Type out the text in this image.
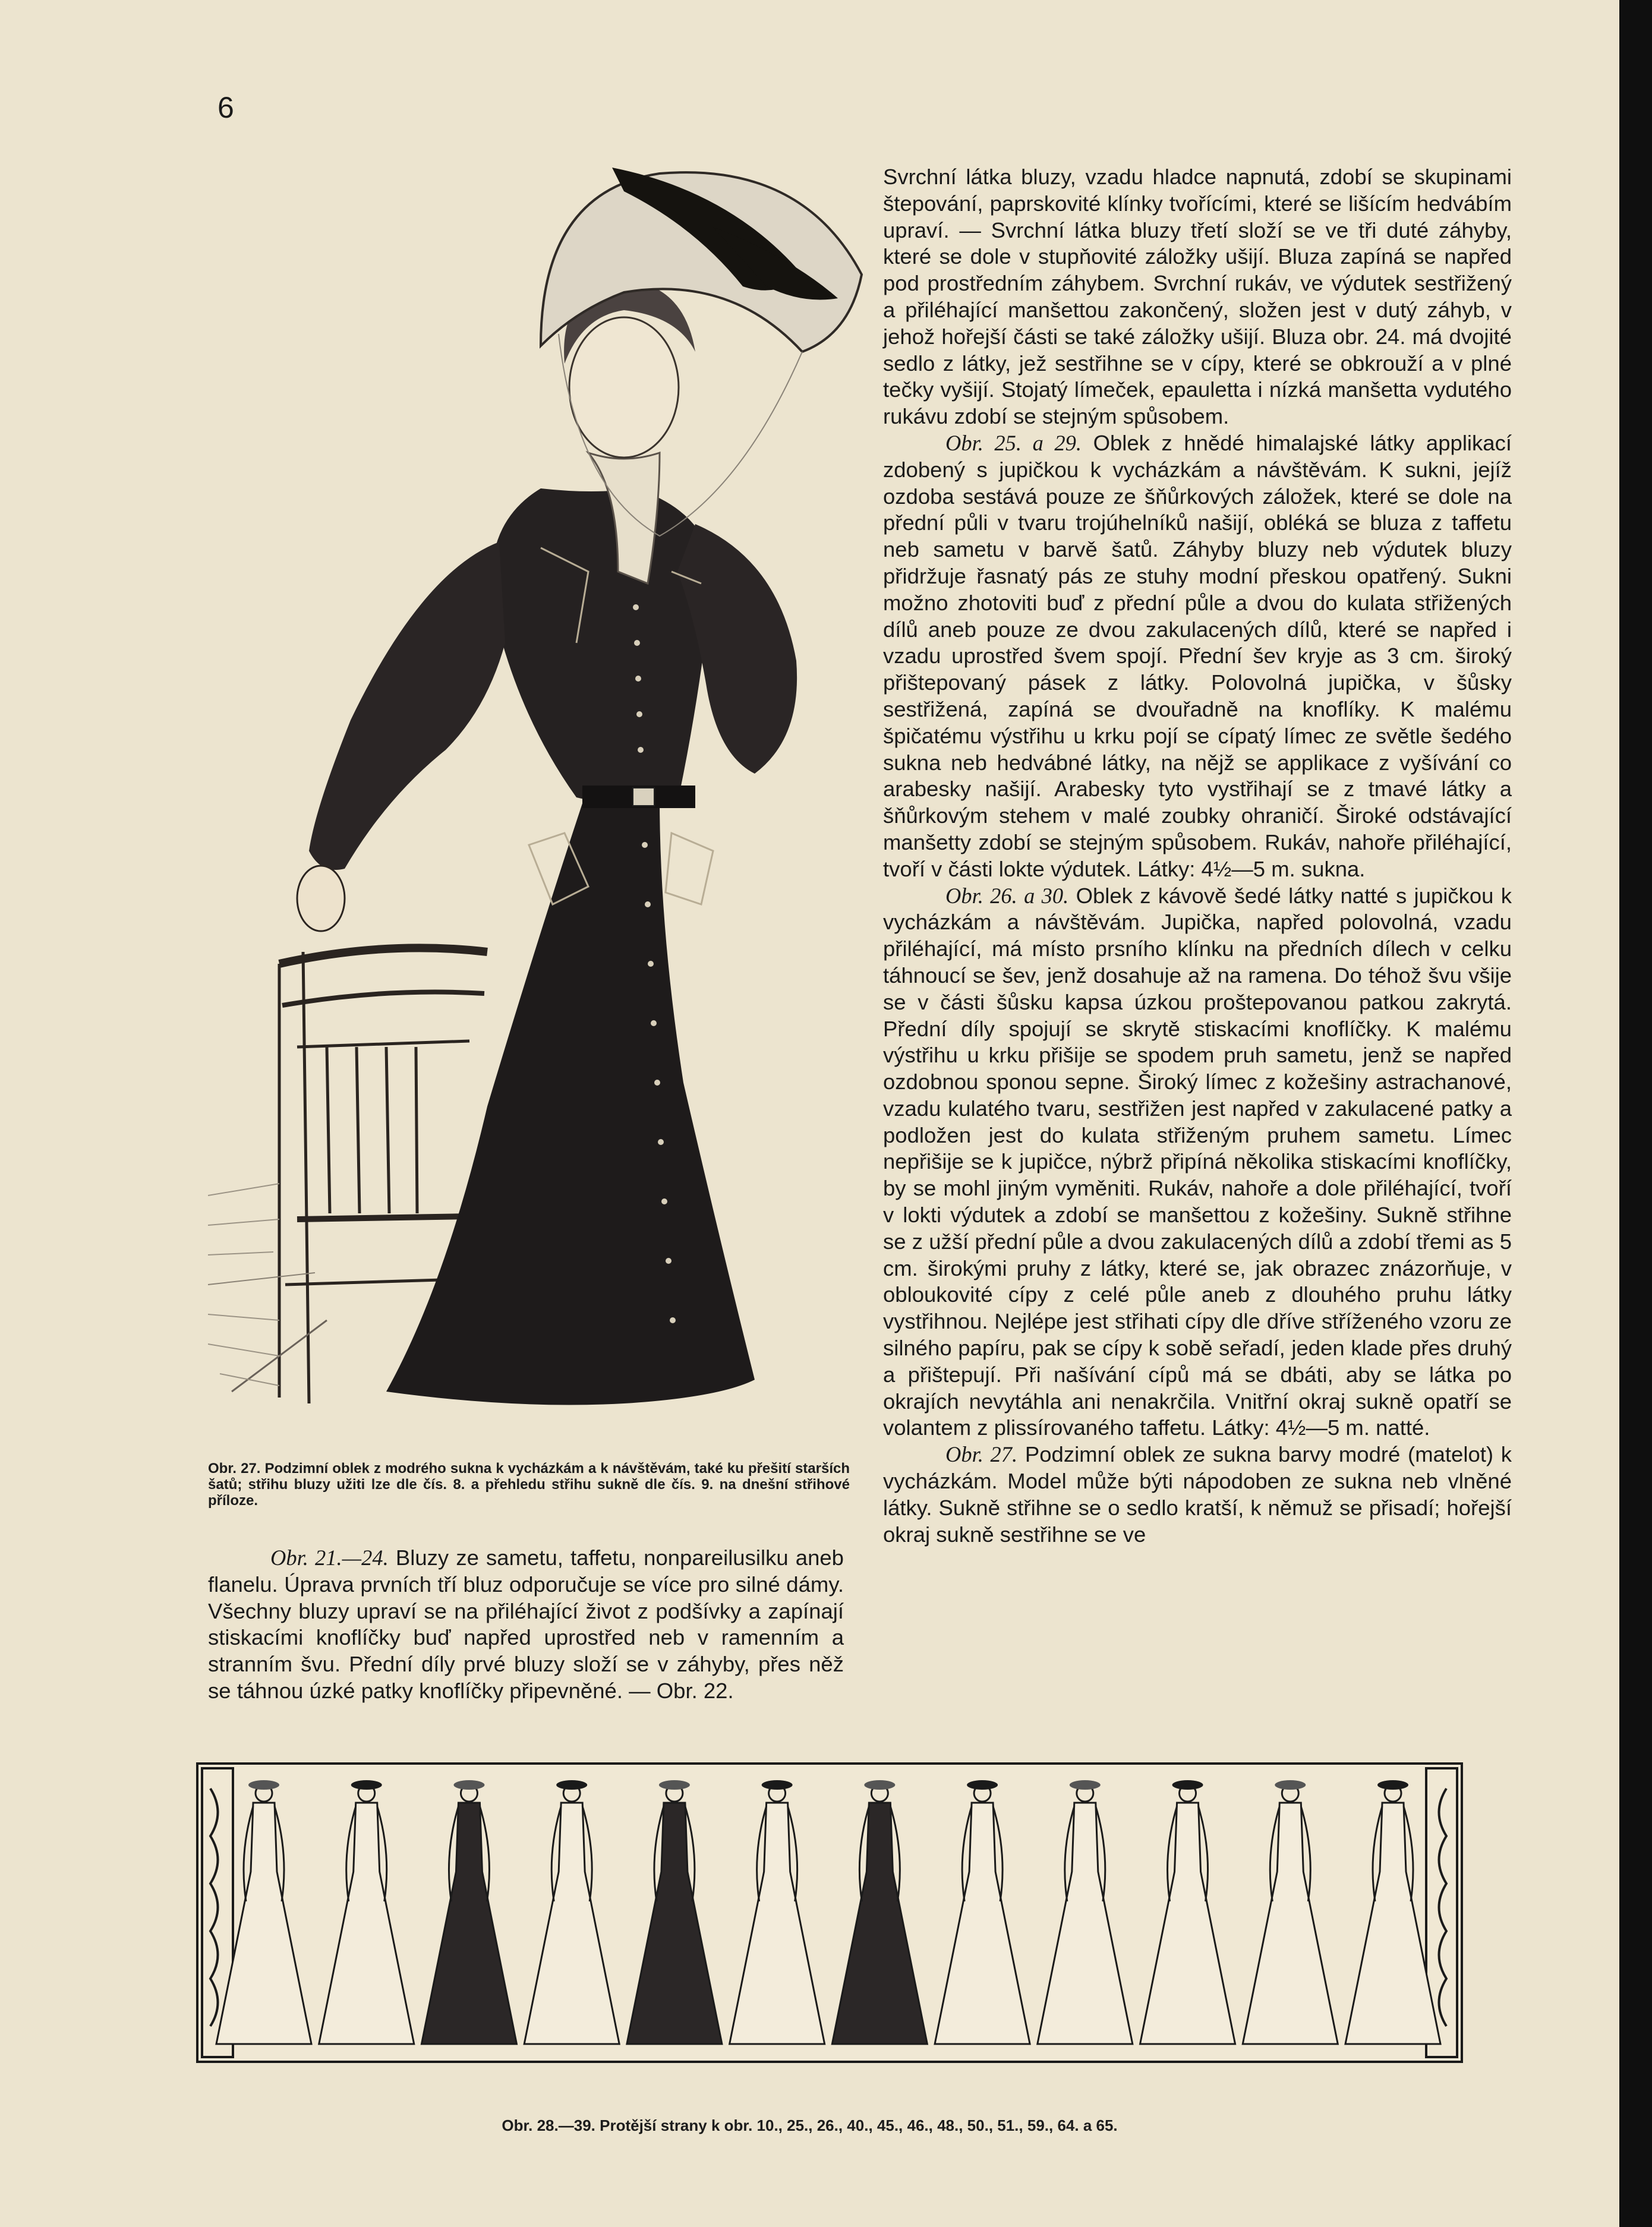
6
Obr. 27. Podzimní oblek z modrého sukna k vycházkám a k návštěvám, také ku přešití starších šatů; střihu bluzy užiti lze dle čís. 8. a přehledu střihu sukně dle čís. 9. na dnešní střihové příloze.

Svrchní látka bluzy, vzadu hladce napnutá, zdobí se skupinami štepování, paprskovité klínky tvořícími, které se lišícím hedvábím upraví. — Svrchní látka bluzy třetí složí se ve tři duté záhyby, které se dole v stupňovité záložky ušijí. Bluza zapíná se napřed pod prostředním záhybem. Svrchní rukáv, ve výdutek sestřižený a přiléhající manšettou zakončený, složen jest v dutý záhyb, v jehož hořejší části se také záložky ušijí. Bluza obr. 24. má dvojité sedlo z látky, jež sestřihne se v cípy, které se obkrouží a v plné tečky vyšijí. Stojatý límeček, epauletta i nízká manšetta vydutého rukávu zdobí se stejným spůsobem.

Obr. 25. a 29. Oblek z hnědé himalajské látky applikací zdobený s jupičkou k vycházkám a návštěvám. K sukni, jejíž ozdoba sestává pouze ze šňůrkových záložek, které se dole na přední půli v tvaru trojúhelníků našijí, obléká se bluza z taffetu neb sametu v barvě šatů. Záhyby bluzy neb výdutek bluzy přidržuje řasnatý pás ze stuhy modní přeskou opatřený. Sukni možno zhotoviti buď z přední půle a dvou do kulata střižených dílů aneb pouze ze dvou zakulacených dílů, které se napřed i vzadu uprostřed švem spojí. Přední šev kryje as 3 cm. široký přištepovaný pásek z látky. Polovolná jupička, v šůsky sestřižená, zapíná se dvouřadně na knoflíky. K malému špičatému výstřihu u krku pojí se cípatý límec ze světle šedého sukna neb hedvábné látky, na nějž se applikace z vyšívání co arabesky našijí. Arabesky tyto vystřihají se z tmavé látky a šňůrkovým stehem v malé zoubky ohraničí. Široké odstávající manšetty zdobí se stejným spůsobem. Rukáv, nahoře přiléhající, tvoří v části lokte výdutek. Látky: 4½—5 m. sukna.

Obr. 26. a 30. Oblek z kávově šedé látky natté s jupičkou k vycházkám a návštěvám. Jupička, napřed polovolná, vzadu přiléhající, má místo prsního klínku na předních dílech v celku táhnoucí se šev, jenž dosahuje až na ramena. Do téhož švu všije se v části šůsku kapsa úzkou proštepovanou patkou zakrytá. Přední díly spojují se skrytě stiskacími knoflíčky. K malému výstřihu u krku přišije se spodem pruh sametu, jenž se napřed ozdobnou sponou sepne. Široký límec z kožešiny astrachanové, vzadu kulatého tvaru, sestřižen jest napřed v zakulacené patky a podložen jest do kulata střiženým pruhem sametu. Límec nepřišije se k jupičce, nýbrž připíná několika stiskacími knoflíčky, by se mohl jiným vyměniti. Rukáv, nahoře a dole přiléhající, tvoří v lokti výdutek a zdobí se manšettou z kožešiny. Sukně střihne se z užší přední půle a dvou zakulacených dílů a zdobí třemi as 5 cm. širokými pruhy z látky, které se, jak obrazec znázorňuje, v obloukovité cípy z celé půle aneb z dlouhého pruhu látky vystřihnou. Nejlépe jest střihati cípy dle dříve stříženého vzoru ze silného papíru, pak se cípy k sobě seřadí, jeden klade přes druhý a přištepují. Při našívání cípů má se dbáti, aby se látka po okrajích nevytáhla ani nenakrčila. Vnitřní okraj sukně opatří se volantem z plissírovaného taffetu. Látky: 4½—5 m. natté.

Obr. 27. Podzimní oblek ze sukna barvy modré (matelot) k vycházkám. Model může býti nápodoben ze sukna neb vlněné látky. Sukně střihne se o sedlo kratší, k němuž se přisadí; hořejší okraj sukně sestřihne se ve

Obr. 21.—24. Bluzy ze sametu, taffetu, nonpareilusilku aneb flanelu. Úprava prvních tří bluz odporučuje se více pro silné dámy. Všechny bluzy upraví se na přiléhající život z podšívky a zapínají stiskacími knoflíčky buď napřed uprostřed neb v ramenním a stranním švu. Přední díly prvé bluzy složí se v záhyby, přes něž se táhnou úzké patky knoflíčky připevněné. — Obr. 22.

Obr. 28.—39. Protější strany k obr. 10., 25., 26., 40., 45., 46., 48., 50., 51., 59., 64. a 65.
